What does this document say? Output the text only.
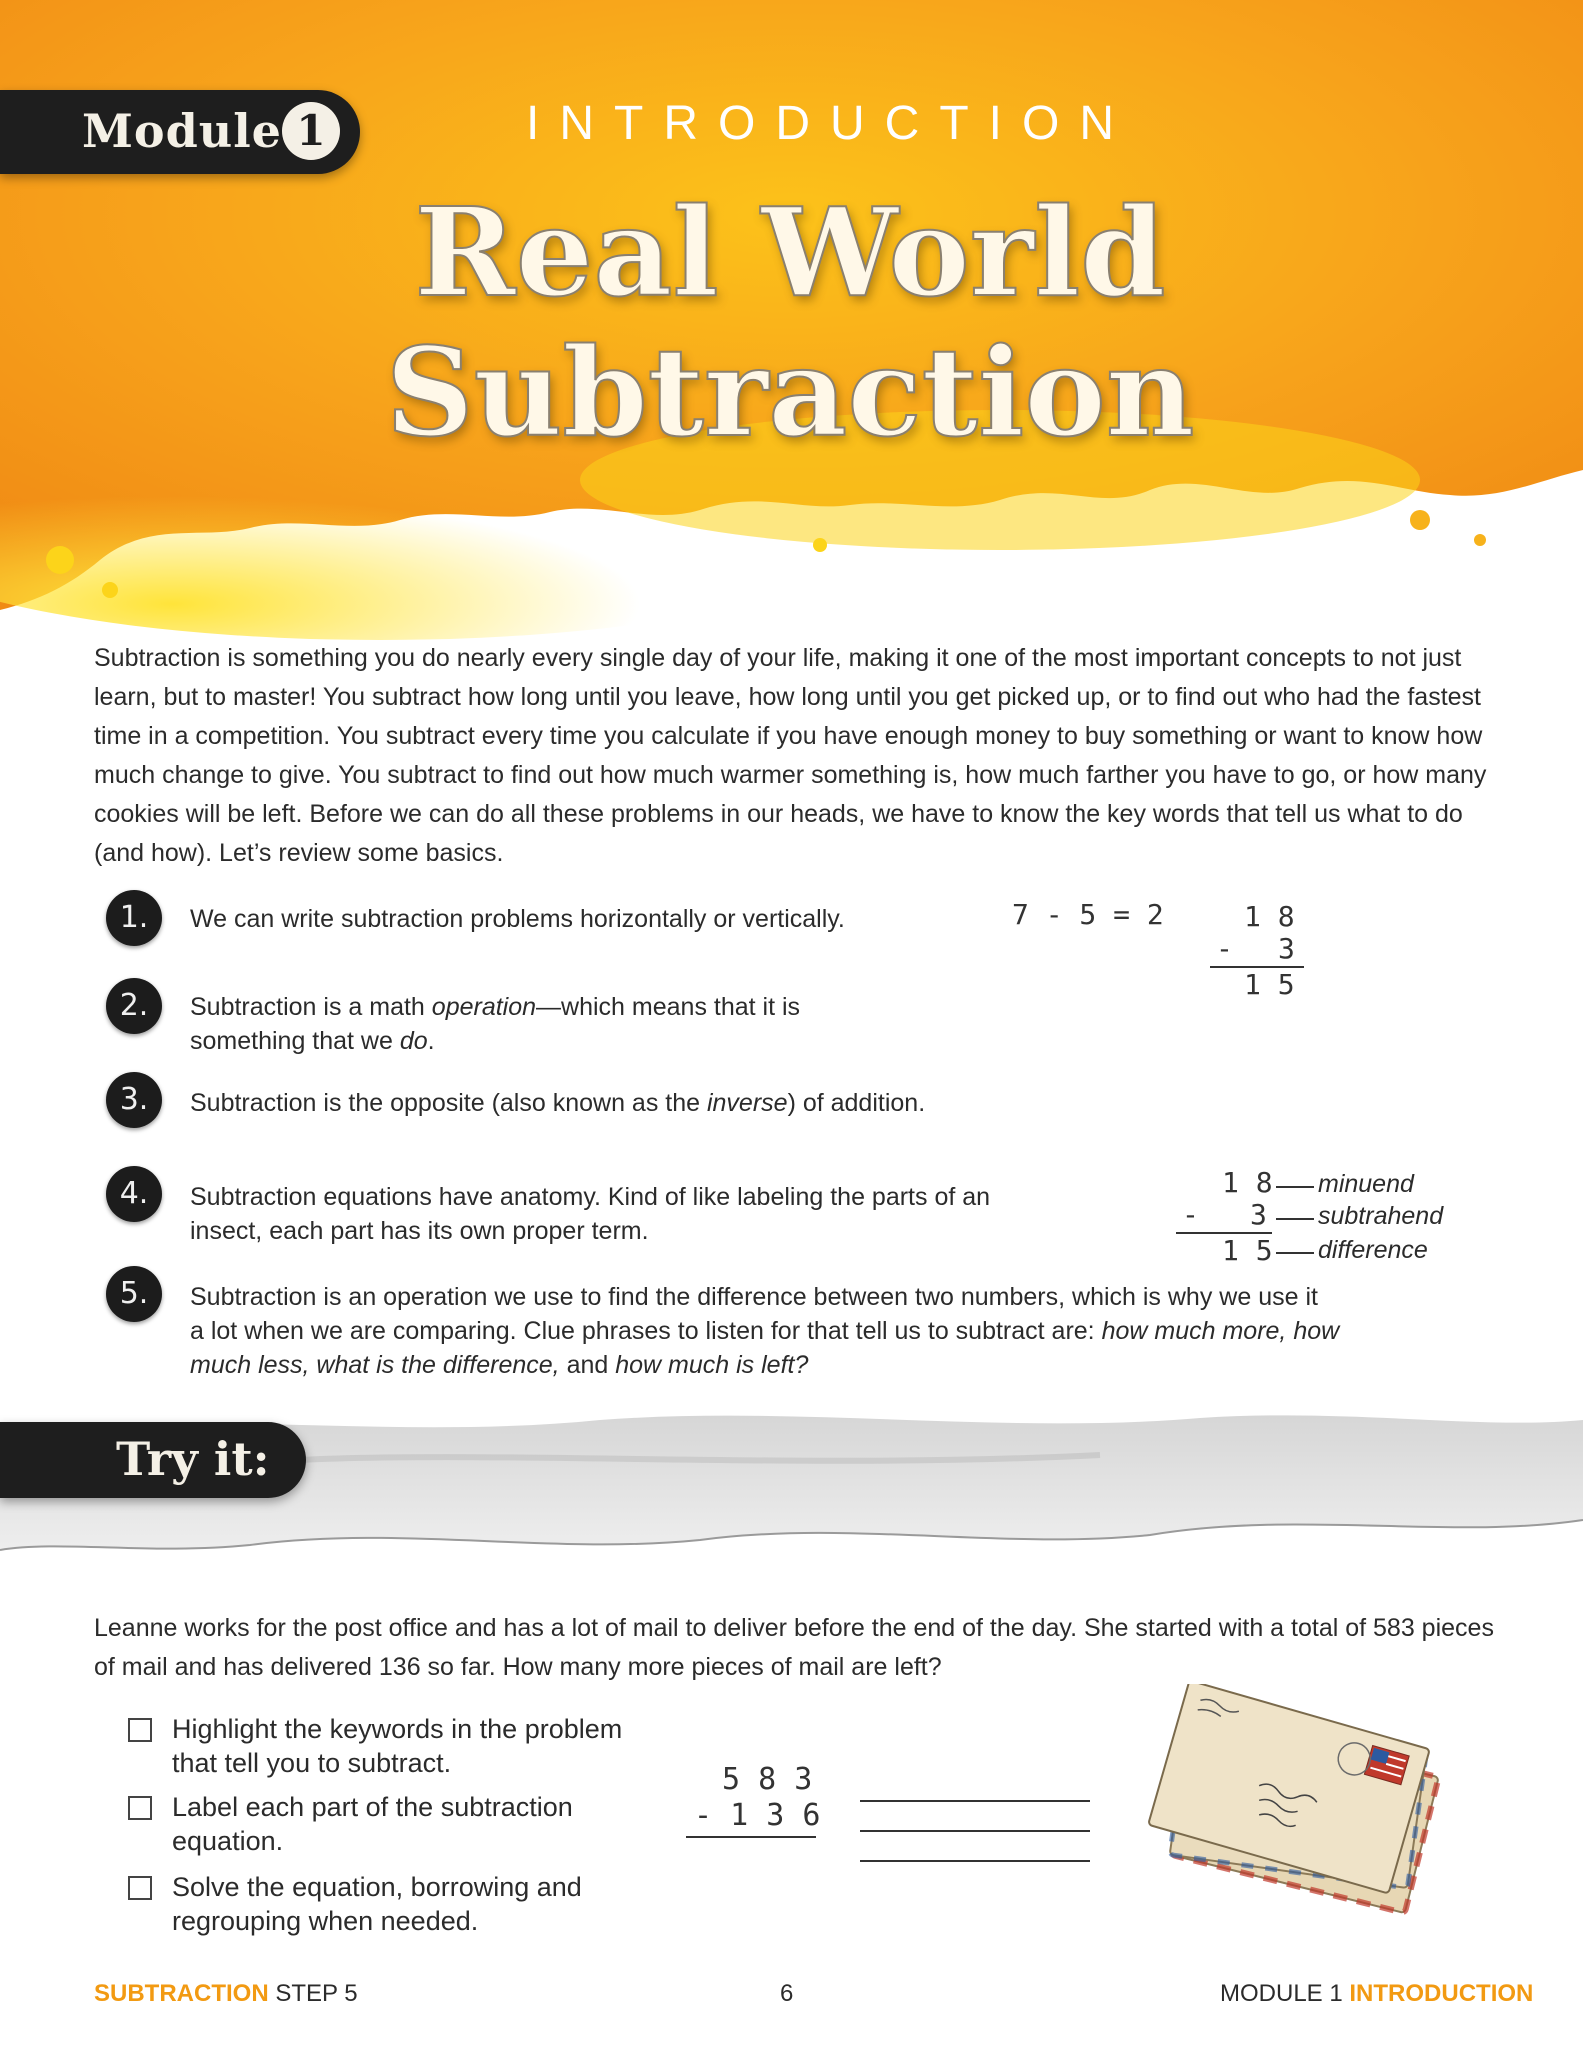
Module 1	INTRODUCTION
Real World
Subtraction

Subtraction is something you do nearly every single day of your life, making it one of the most important concepts to not just learn, but to master! You subtract how long until you leave, how long until you get picked up, or to find out who had the fastest time in a competition. You subtract every time you calculate if you have enough money to buy something or want to know how much change to give. You subtract to find out how much warmer something is, how much farther you have to go, or how many cookies will be left. Before we can do all these problems in our heads, we have to know the key words that tell us what to do (and how). Let’s review some basics.

1.	We can write subtraction problems horizontally or vertically.	7 - 5 = 2	1 8
- 3
1 5
2.	Subtraction is a math operation—which means that it is
something that we do.
3.	Subtraction is the opposite (also known as the inverse) of addition.
4.	Subtraction equations have anatomy. Kind of like labeling the parts of an
insect, each part has its own proper term.
1 8 minuend
- 3 subtrahend
1 5 difference
5.	Subtraction is an operation we use to find the difference between two numbers, which is why we use it
a lot when we are comparing. Clue phrases to listen for that tell us to subtract are: how much more, how
much less, what is the difference, and how much is left?
Try it:

Leanne works for the post office and has a lot of mail to deliver before the end of the day. She started with a total of 583 pieces of mail and has delivered 136 so far. How many more pieces of mail are left?

Highlight the keywords in the problem
that tell you to subtract.
Label each part of the subtraction
equation.
Solve the equation, borrowing and
regrouping when needed.
5 8 3
- 1 3 6
SUBTRACTION STEP 5	6	MODULE 1 INTRODUCTION
